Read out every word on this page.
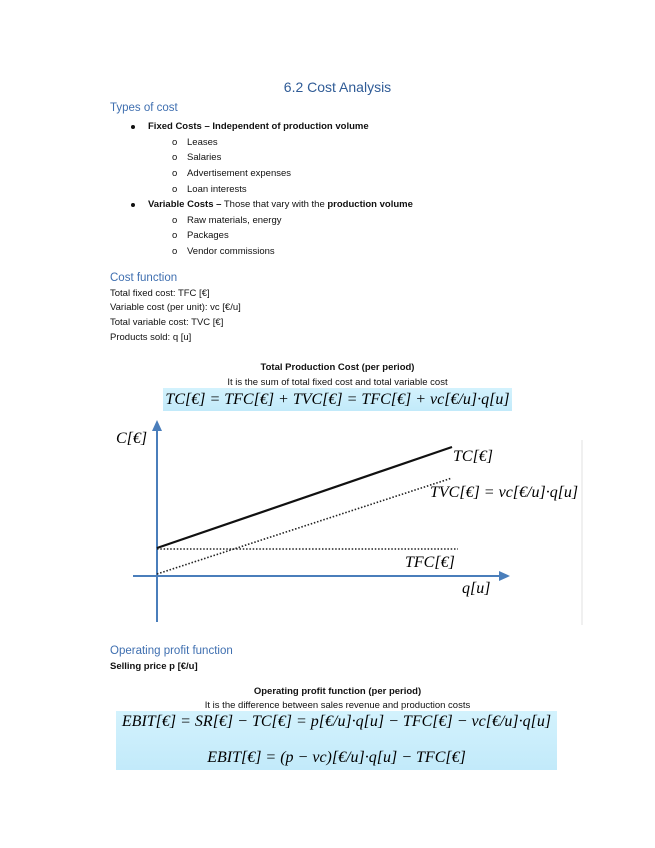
6.2 Cost Analysis
Types of cost
Fixed Costs – Independent of production volume
o Leases
o Salaries
o Advertisement expenses
o Loan interests
Variable Costs – Those that vary with the production volume
o Raw materials, energy
o Packages
o Vendor commissions
Cost function
Total fixed cost: TFC [€]
Variable cost (per unit): vc [€/u]
Total variable cost: TVC [€]
Products sold: q [u]
Total Production Cost (per period)
It is the sum of total fixed cost and total variable cost
TC[€] = TFC[€] + TVC[€] = TFC[€] + vc[€/u]·q[u]
C[€]
TC[€]
TVC[€] = vc[€/u]·q[u]
TFC[€]
q[u]
Operating profit function
Selling price p [€/u]
Operating profit function (per period)
It is the difference between sales revenue and production costs
EBIT[€] = SR[€] − TC[€] = p[€/u]·q[u] − TFC[€] − vc[€/u]·q[u]
EBIT[€] = (p − vc)[€/u]·q[u] − TFC[€]
